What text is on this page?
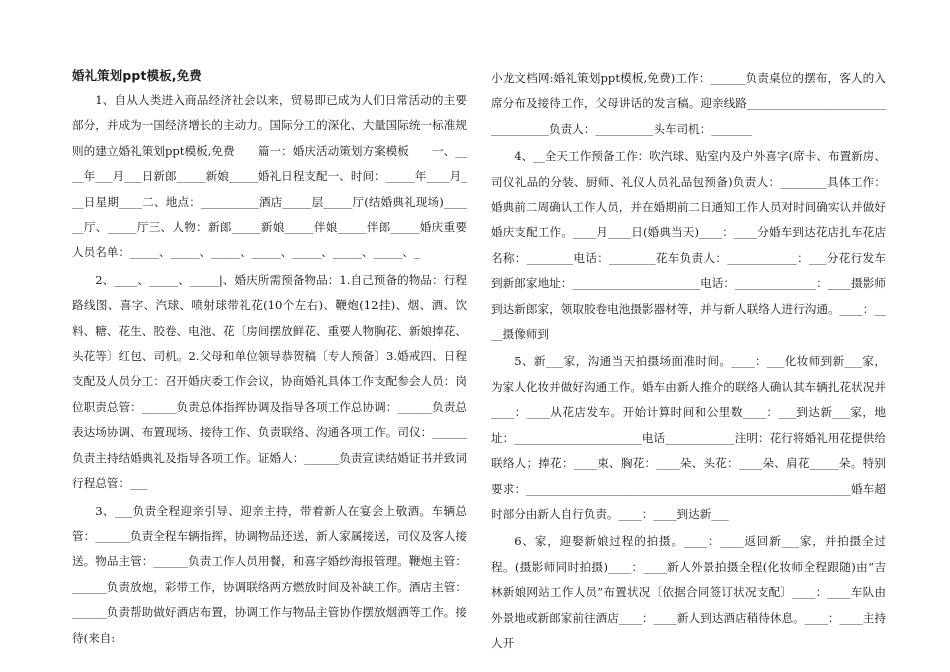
婚礼策划ppt模板,免费

1、自从人类进入商品经济社会以来，贸易即已成为人们日常活动的主要部分，并成为一国经济增长的主动力。国际分工的深化、大量国际统一标准规则的建立婚礼策划ppt模板,免费　　篇一：婚庆活动策划方案模板　　一、____年___月___日新郎_____新娘_____婚礼日程支配一、时间：_____年____月___日星期____二、地点：__________酒店_____层_____厅(结婚典礼现场)______厅、_____厅三、人物：新郎_____新娘_____伴娘_____伴郎_____婚庆重要人员名单：_____、_____、_____、_____、_____、_____、_____、_

2、____、_____、_____|、婚庆所需预备物品：1.自己预备的物品：行程路线图、喜字、汽球、喷射球带礼花(10个左右)、鞭炮(12挂)、烟、酒、饮料、糖、花生、胶卷、电池、花〔房间摆放鲜花、重要人物胸花、新娘捧花、头花等〕红包、司机。2.父母和单位领导恭贺稿〔专人预备〕3.婚戒四、日程支配及人员分工：召开婚庆委工作会议，协商婚礼具体工作支配参会人员：岗位职责总管：______负责总体指挥协调及指导各项工作总协调：______负责总表达场协调、布置现场、接待工作、负责联络、沟通各项工作。司仪：______负责主持结婚典礼及指导各项工作。证婚人：______负责宣读结婚证书并致词行程总管：___

3、___负责全程迎亲引导、迎亲主持，带着新人在宴会上敬酒。车辆总管：______负责全程车辆指挥，协调物品还送，新人家属接送，司仪及客人接送。物品主管：______负责工作人员用餐，和喜字婚纱海报管理。鞭炮主管：______负责放炮，彩带工作，协调联络两方燃放时间及补缺工作。酒店主管：______负责帮助做好酒店布置，协调工作与物品主管协作摆放烟酒等工作。接待(来自:

小龙文档网:婚礼策划ppt模板,免费)工作：______负责桌位的摆布，客人的入席分布及接待工作，父母讲话的发言稿。迎亲线路__________________________________负责人：__________头车司机：_______

4、__全天工作预备工作：吹汽球、贴室内及户外喜字(席卡、布置新房、司仪礼品的分装、厨师、礼仪人员礼品包预备)负责人：________具体工作：婚典前二周确认工作人员，并在婚期前二日通知工作人员对时间确实认并做好婚庆支配工作。____月____日(婚典当天)____：____分婚车到达花店扎车花店名称：________电话：________花车负责人：____________：___分花行发车到新郎家地址：______________________电话：______________：____摄影师到达新郎家，领取胶卷电池摄影器材等，并与新人联络人进行沟通。____：____摄像师到

5、新___家，沟通当天拍摄场面准时间。____：___化妆师到新___家，为家人化妆并做好沟通工作。婚车由新人推介的联络人确认其车辆扎花状况并____：____从花店发车。开始计算时间和公里数____：___到达新___家，地址：______________________电话____________注明：花行将婚礼用花提供给联络人；捧花：____束、胸花：____朵、头花：____朵、肩花_____朵。特别要求：________________________________________________________婚车超时部分由新人自行负责。____：____到达新___

6、家，迎娶新娘过程的拍摄。____：____返回新___家，并拍摄全过程。(摄影师同时拍摄)____：____新人外景拍摄全程(化妆师全程跟随)由“吉林新娘网站工作人员”布置状况〔依据合同签订状况支配〕____：____车队由外景地或新郎家前往酒店____：____新人到达酒店稍待休息。____：____主持人开
